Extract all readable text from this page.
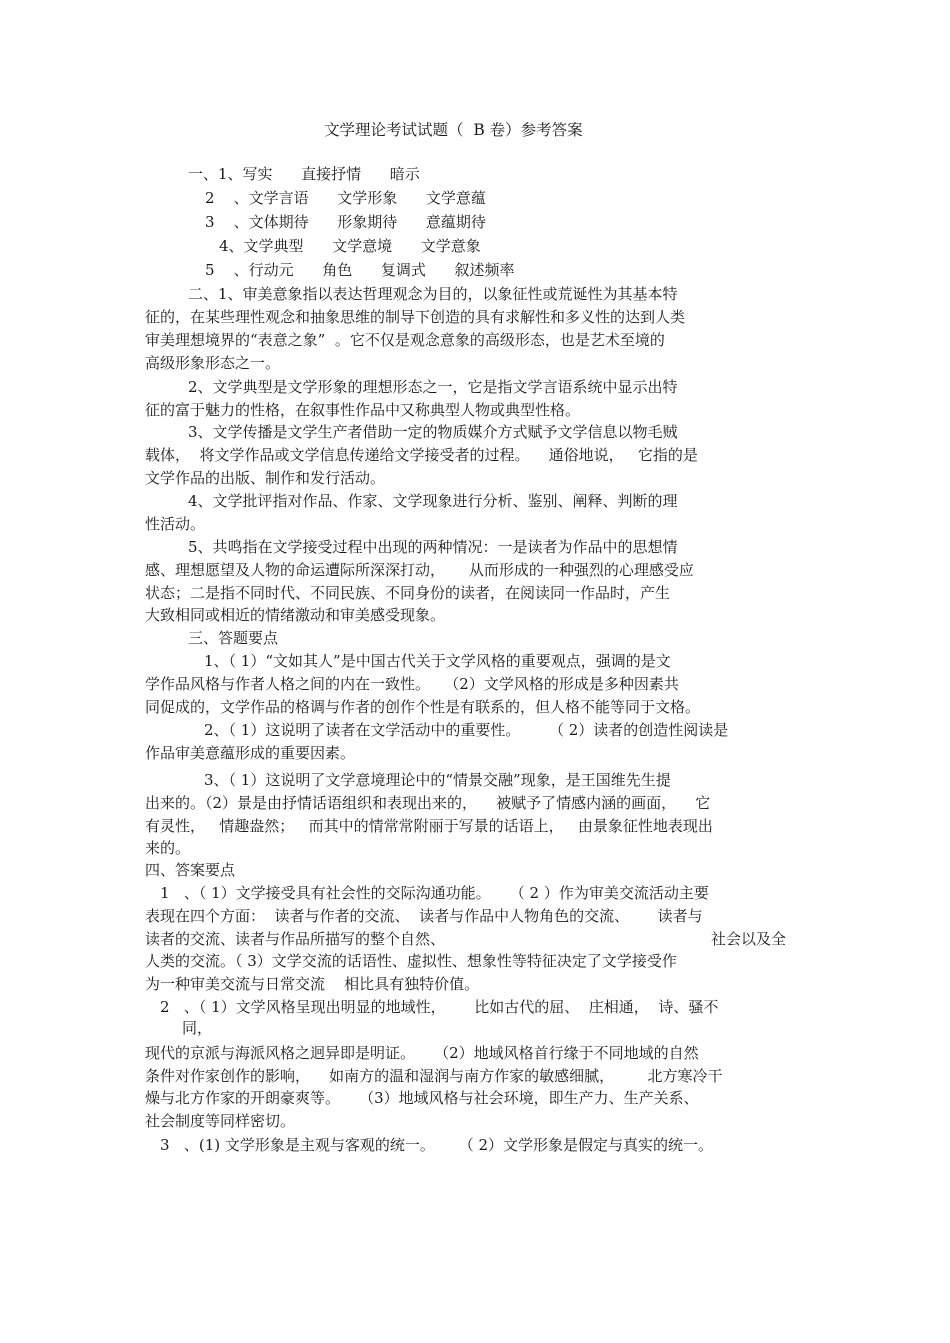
文学理论考试试题（  B 卷）参考答案
一、1、写实      直接抒情      暗示
2    、文学言语      文学形象      文学意蕴
3    、文体期待      形象期待      意蕴期待
4、文学典型      文学意境      文学意象
5    、行动元      角色      复调式      叙述频率
二、1、审美意象指以表达哲理观念为目的，以象征性或荒诞性为其基本特
征的，在某些理性观念和抽象思维的制导下创造的具有求解性和多义性的达到人类
审美理想境界的“表意之象”  。它不仅是观念意象的高级形态，也是艺术至境的
高级形象形态之一。
2、文学典型是文学形象的理想形态之一，它是指文学言语系统中显示出特
征的富于魅力的性格，在叙事性作品中又称典型人物或典型性格。
3、文学传播是文学生产者借助一定的物质媒介方式赋予文学信息以物毛贼
载体，  将文学作品或文学信息传递给文学接受者的过程。    通俗地说，   它指的是
文学作品的出版、制作和发行活动。
4、文学批评指对作品、作家、文学现象进行分析、鉴别、阐释、判断的理
性活动。
5、共鸣指在文学接受过程中出现的两种情况：一是读者为作品中的思想情
感、理想愿望及人物的命运遭际所深深打动，     从而形成的一种强烈的心理感受应
状态；二是指不同时代、不同民族、不同身份的读者，在阅读同一作品时，产生
大致相同或相近的情绪激动和审美感受现象。
三、答题要点
1、（ 1）“文如其人”是中国古代关于文学风格的重要观点，强调的是文
学作品风格与作者人格之间的内在一致性。   （2）文学风格的形成是多种因素共
同促成的，文学作品的格调与作者的创作个性是有联系的，但人格不能等同于文格。
2、（ 1）这说明了读者在文学活动中的重要性。      （ 2）读者的创造性阅读是
作品审美意蕴形成的重要因素。
3、（ 1）这说明了文学意境理论中的“情景交融”现象，是王国维先生提
出来的。（2）景是由抒情话语组织和表现出来的，    被赋予了情感内涵的画面，    它
有灵性，   情趣盎然；   而其中的情常常附丽于写景的话语上，   由景象征性地表现出
来的。
四、答案要点
1   、（ 1）文学接受具有社会性的交际沟通功能。    （ 2 ）作为审美交流活动主要
表现在四个方面：  读者与作者的交流、  读者与作品中人物角色的交流、      读者与
读者的交流、读者与作品所描写的整个自然、	社会以及全
人类的交流。（ 3）文学交流的话语性、虚拟性、想象性等特征决定了文学接受作
为一种审美交流与日常交流    相比具有独特价值。
2   、（ 1）文学风格呈现出明显的地域性，      比如古代的屈、  庄相通，  诗、骚不
同，
现代的京派与海派风格之迥异即是明证。    （2）地域风格首行缘于不同地域的自然
条件对作家创作的影响，    如南方的温和湿润与南方作家的敏感细腻，       北方寒冷干
燥与北方作家的开朗豪爽等。    （3）地域风格与社会环境，即生产力、生产关系、
社会制度等同样密切。
3   、(1) 文学形象是主观与客观的统一。     （ 2）文学形象是假定与真实的统一。
